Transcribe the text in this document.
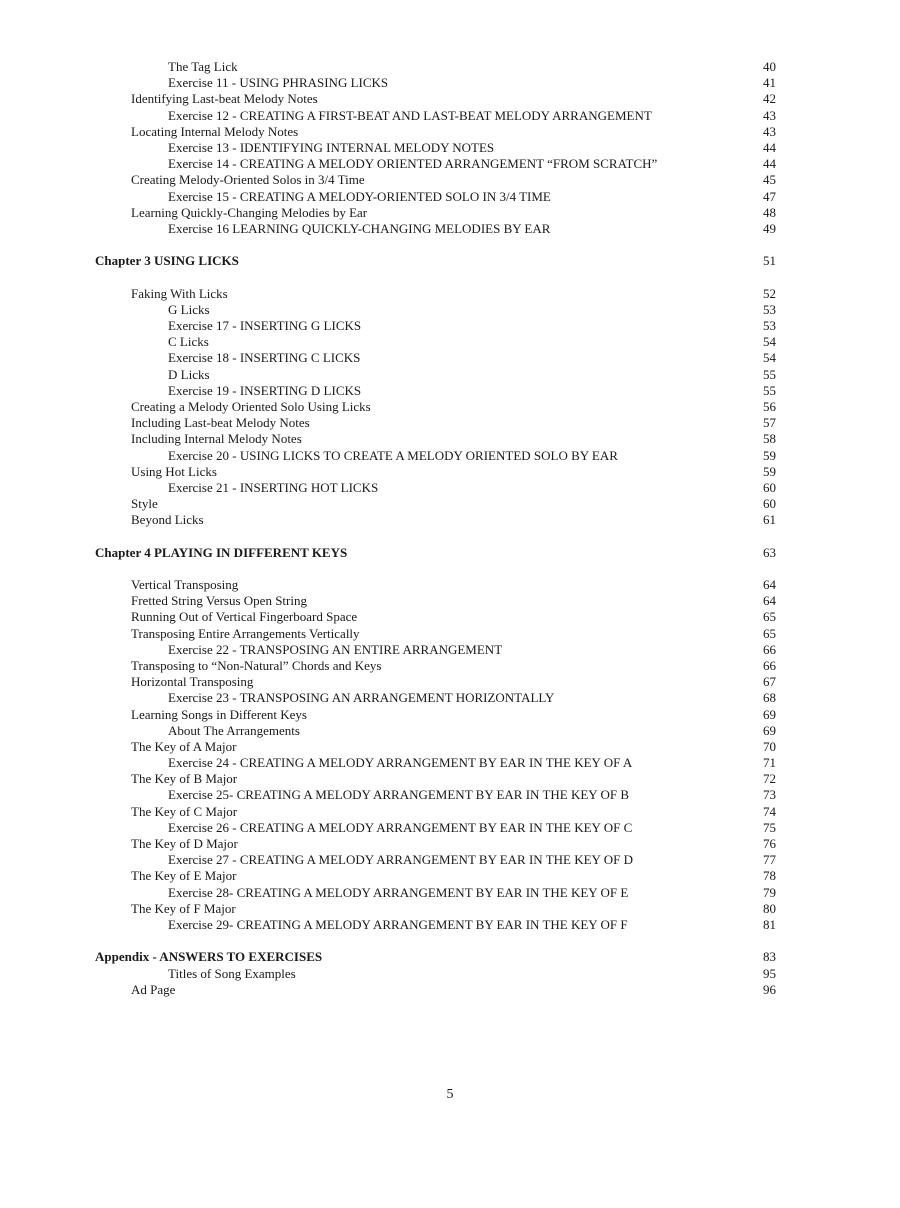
The Tag Lick	40
Exercise 11 - USING PHRASING LICKS	41
Identifying Last-beat Melody Notes	42
Exercise 12 - CREATING A FIRST-BEAT AND LAST-BEAT MELODY ARRANGEMENT	43
Locating Internal Melody Notes	43
Exercise 13 - IDENTIFYING INTERNAL MELODY NOTES	44
Exercise 14 - CREATING A MELODY ORIENTED ARRANGEMENT “FROM SCRATCH”	44
Creating Melody-Oriented Solos in 3/4 Time	45
Exercise 15 - CREATING A MELODY-ORIENTED SOLO IN 3/4 TIME	47
Learning Quickly-Changing Melodies by Ear	48
Exercise 16 LEARNING QUICKLY-CHANGING MELODIES BY EAR	49
Chapter 3 USING LICKS	51
Faking With Licks	52
G Licks	53
Exercise 17 - INSERTING G LICKS	53
C Licks	54
Exercise 18 - INSERTING C LICKS	54
D Licks	55
Exercise 19 - INSERTING D LICKS	55
Creating a Melody Oriented Solo Using Licks	56
Including Last-beat Melody Notes	57
Including Internal Melody Notes	58
Exercise 20 - USING LICKS TO CREATE A MELODY ORIENTED SOLO BY EAR	59
Using Hot Licks	59
Exercise 21 - INSERTING HOT LICKS	60
Style	60
Beyond Licks	61
Chapter 4 PLAYING IN DIFFERENT KEYS	63
Vertical Transposing	64
Fretted String Versus Open String	64
Running Out of Vertical Fingerboard Space	65
Transposing Entire Arrangements Vertically	65
Exercise 22 - TRANSPOSING AN ENTIRE ARRANGEMENT	66
Transposing to “Non-Natural” Chords and Keys	66
Horizontal Transposing	67
Exercise 23 - TRANSPOSING AN ARRANGEMENT HORIZONTALLY	68
Learning Songs in Different Keys	69
About The Arrangements	69
The Key of A Major	70
Exercise 24 - CREATING A MELODY ARRANGEMENT BY EAR IN THE KEY OF A	71
The Key of B Major	72
Exercise 25- CREATING A MELODY ARRANGEMENT BY EAR IN THE KEY OF B	73
The Key of C Major	74
Exercise 26 - CREATING A MELODY ARRANGEMENT BY EAR IN THE KEY OF C	75
The Key of D Major	76
Exercise 27 - CREATING A MELODY ARRANGEMENT BY EAR IN THE KEY OF D	77
The Key of E Major	78
Exercise 28- CREATING A MELODY ARRANGEMENT BY EAR IN THE KEY OF E	79
The Key of F Major	80
Exercise 29- CREATING A MELODY ARRANGEMENT BY EAR IN THE KEY OF F	81
Appendix - ANSWERS TO EXERCISES	83
Titles of Song Examples	95
Ad Page	96
5
